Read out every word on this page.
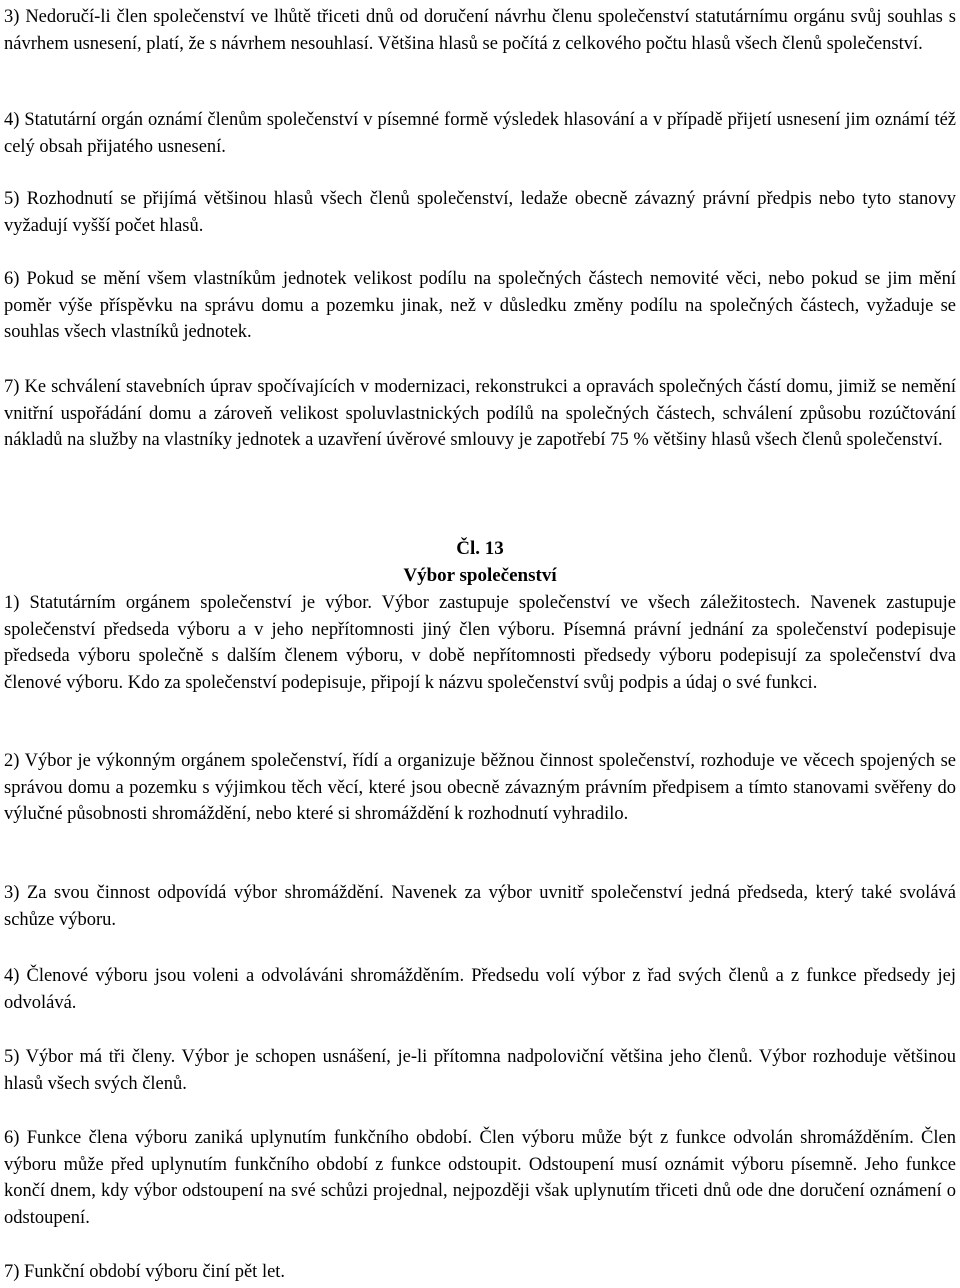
3) Nedoručí-li člen společenství ve lhůtě třiceti dnů od doručení návrhu členu společenství statutárnímu orgánu svůj souhlas s návrhem usnesení, platí, že s návrhem nesouhlasí. Většina hlasů se počítá z celkového počtu hlasů všech členů společenství.

4) Statutární orgán oznámí členům společenství v písemné formě výsledek hlasování a v případě přijetí usnesení jim oznámí též celý obsah přijatého usnesení.

5) Rozhodnutí se přijímá většinou hlasů všech členů společenství, ledaže obecně závazný právní předpis nebo tyto stanovy vyžadují vyšší počet hlasů.

6) Pokud se mění všem vlastníkům jednotek velikost podílu na společných částech nemovité věci, nebo pokud se jim mění poměr výše příspěvku na správu domu a pozemku jinak, než v důsledku změny podílu na společných částech, vyžaduje se souhlas všech vlastníků jednotek.

7) Ke schválení stavebních úprav spočívajících v modernizaci, rekonstrukci a opravách společných částí domu, jimiž se nemění vnitřní uspořádání domu a zároveň velikost spoluvlastnických podílů na společných částech, schválení způsobu rozúčtování nákladů na služby na vlastníky jednotek a uzavření úvěrové smlouvy je zapotřebí 75 % většiny hlasů všech členů společenství.

Čl. 13
Výbor společenství

1) Statutárním orgánem společenství je výbor. Výbor zastupuje společenství ve všech záležitostech. Navenek zastupuje společenství předseda výboru a v jeho nepřítomnosti jiný člen výboru. Písemná právní jednání za společenství podepisuje předseda výboru společně s dalším členem výboru, v době nepřítomnosti předsedy výboru podepisují za společenství dva členové výboru. Kdo za společenství podepisuje, připojí k názvu společenství svůj podpis a údaj o své funkci.

2) Výbor je výkonným orgánem společenství, řídí a organizuje běžnou činnost společenství, rozhoduje ve věcech spojených se správou domu a pozemku s výjimkou těch věcí, které jsou obecně závazným právním předpisem a tímto stanovami svěřeny do výlučné působnosti shromáždění, nebo které si shromáždění k rozhodnutí vyhradilo.

3) Za svou činnost odpovídá výbor shromáždění. Navenek za výbor uvnitř společenství jedná předseda, který také svolává schůze výboru.

4) Členové výboru jsou voleni a odvoláváni shromážděním. Předsedu volí výbor z řad svých členů a z funkce předsedy jej odvolává.

5) Výbor má tři členy. Výbor je schopen usnášení, je-li přítomna nadpoloviční většina jeho členů. Výbor rozhoduje většinou hlasů všech svých členů.

6) Funkce člena výboru zaniká uplynutím funkčního období. Člen výboru může být z funkce odvolán shromážděním. Člen výboru může před uplynutím funkčního období z funkce odstoupit. Odstoupení musí oznámit výboru písemně. Jeho funkce končí dnem, kdy výbor odstoupení na své schůzi projednal, nejpozději však uplynutím třiceti dnů ode dne doručení oznámení o odstoupení.

7) Funkční období výboru činí pět let.
